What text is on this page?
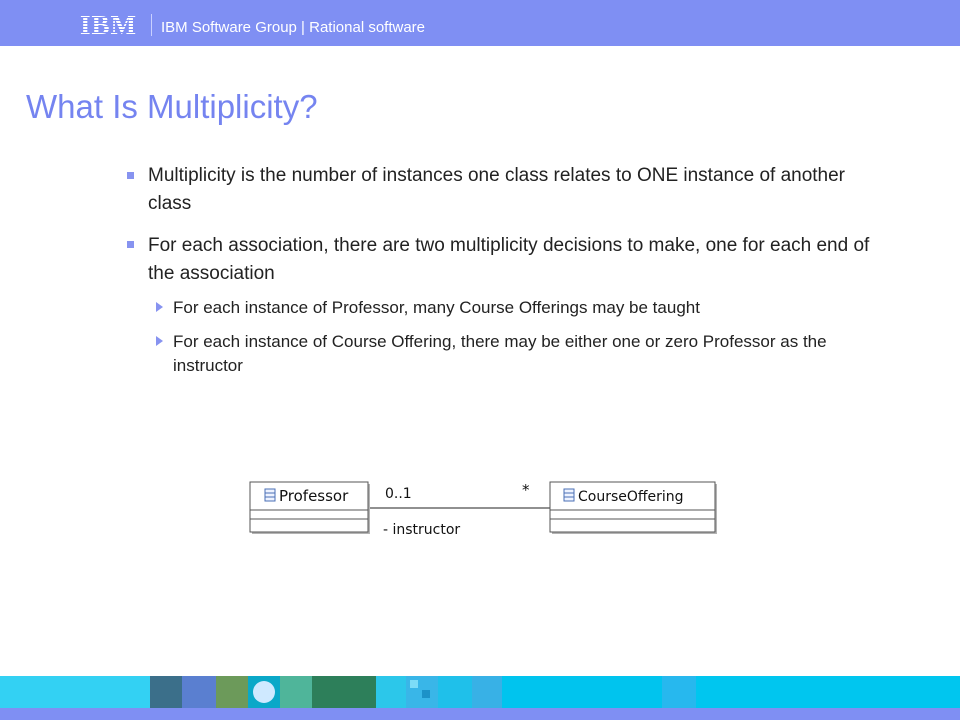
IBM IBM Software Group | Rational software
What Is Multiplicity?
Multiplicity is the number of instances one class relates to ONE instance of another class
For each association, there are two multiplicity decisions to make, one for each end of the association
For each instance of Professor, many Course Offerings may be taught
For each instance of Course Offering, there may be either one or zero Professor as the instructor
Professor	CourseOffering
0..1	*
- instructor
